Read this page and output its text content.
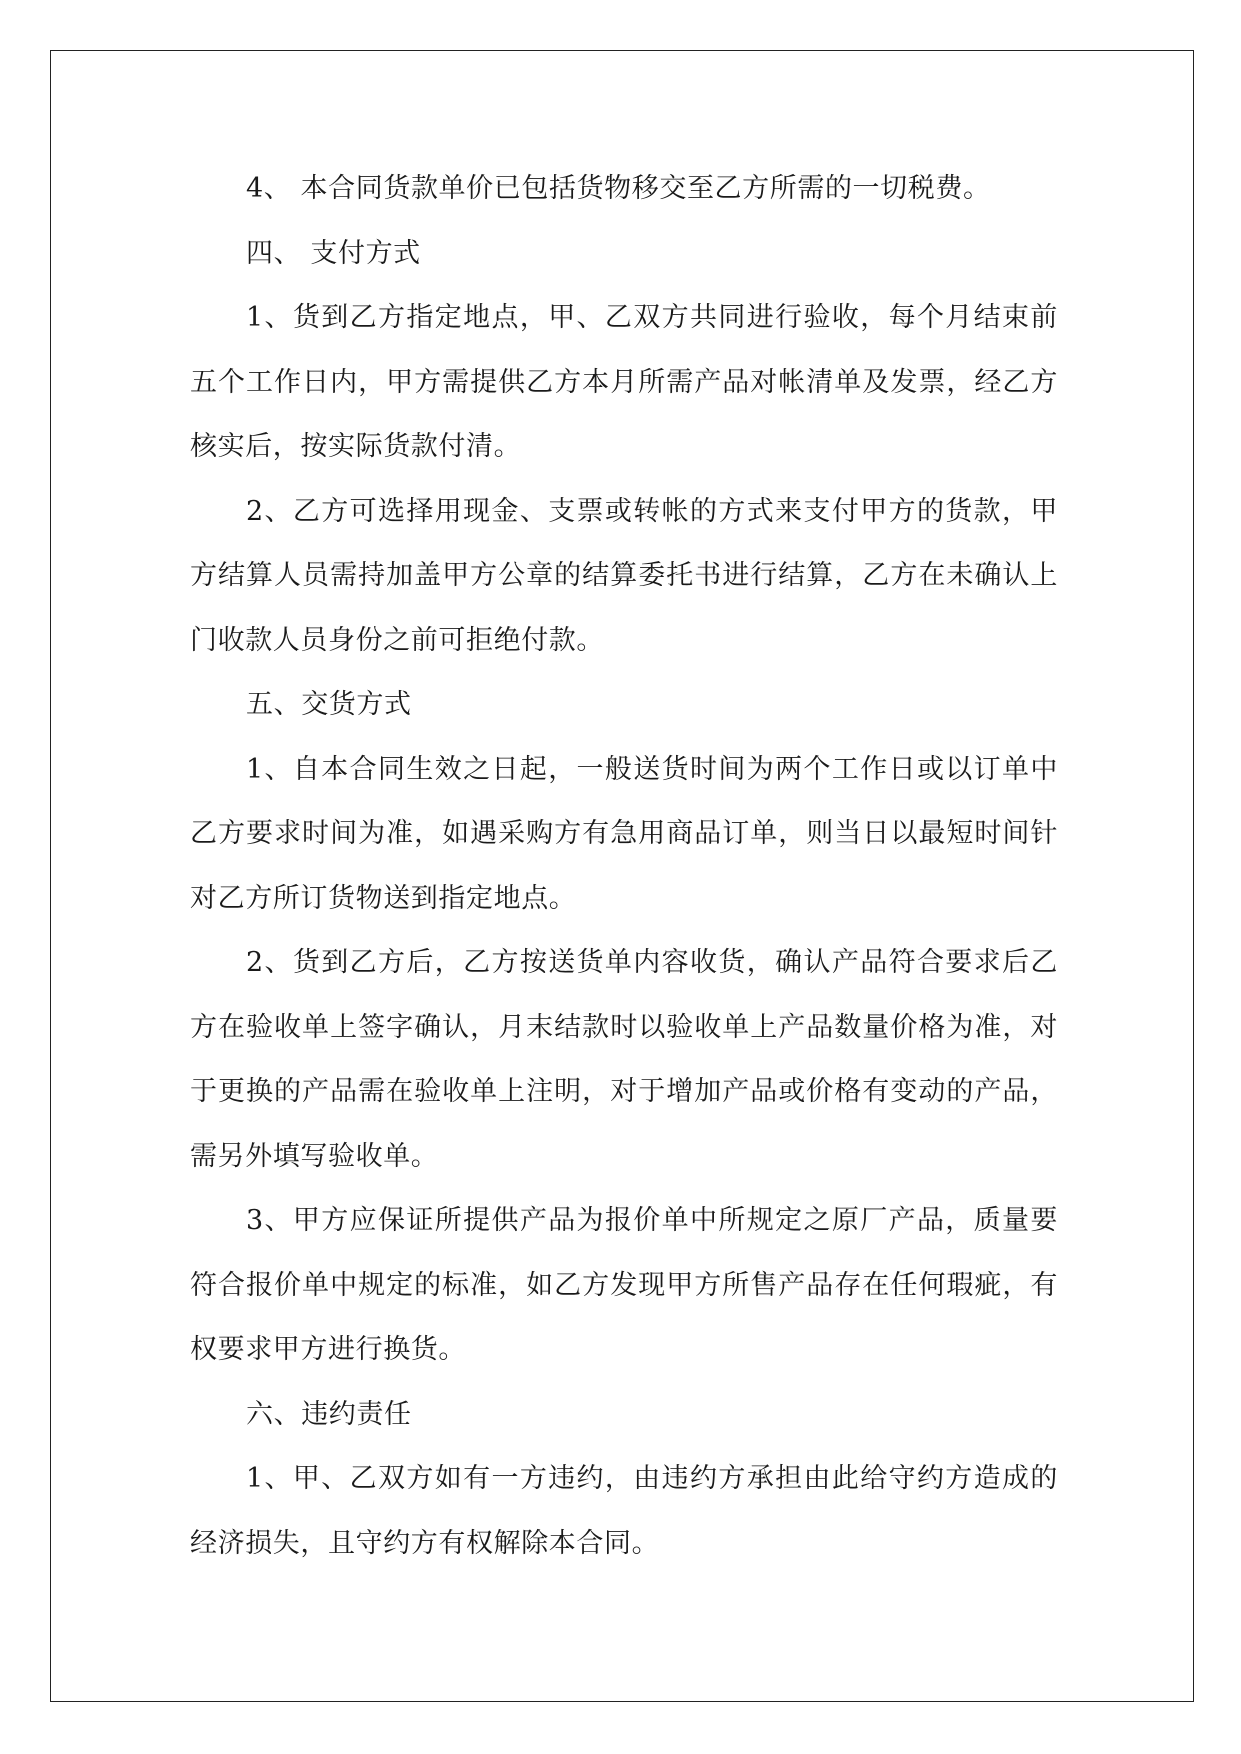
4、 本合同货款单价已包括货物移交至乙方所需的一切税费。

四、 支付方式

1、货到乙方指定地点，甲、乙双方共同进行验收，每个月结束前五个工作日内，甲方需提供乙方本月所需产品对帐清单及发票，经乙方核实后，按实际货款付清。

2、乙方可选择用现金、支票或转帐的方式来支付甲方的货款，甲方结算人员需持加盖甲方公章的结算委托书进行结算，乙方在未确认上门收款人员身份之前可拒绝付款。

五、交货方式

1、自本合同生效之日起，一般送货时间为两个工作日或以订单中乙方要求时间为准，如遇采购方有急用商品订单，则当日以最短时间针对乙方所订货物送到指定地点。

2、货到乙方后，乙方按送货单内容收货，确认产品符合要求后乙方在验收单上签字确认，月末结款时以验收单上产品数量价格为准，对于更换的产品需在验收单上注明，对于增加产品或价格有变动的产品，需另外填写验收单。

3、甲方应保证所提供产品为报价单中所规定之原厂产品，质量要符合报价单中规定的标准，如乙方发现甲方所售产品存在任何瑕疵，有权要求甲方进行换货。

六、违约责任

1、甲、乙双方如有一方违约，由违约方承担由此给守约方造成的经济损失，且守约方有权解除本合同。
